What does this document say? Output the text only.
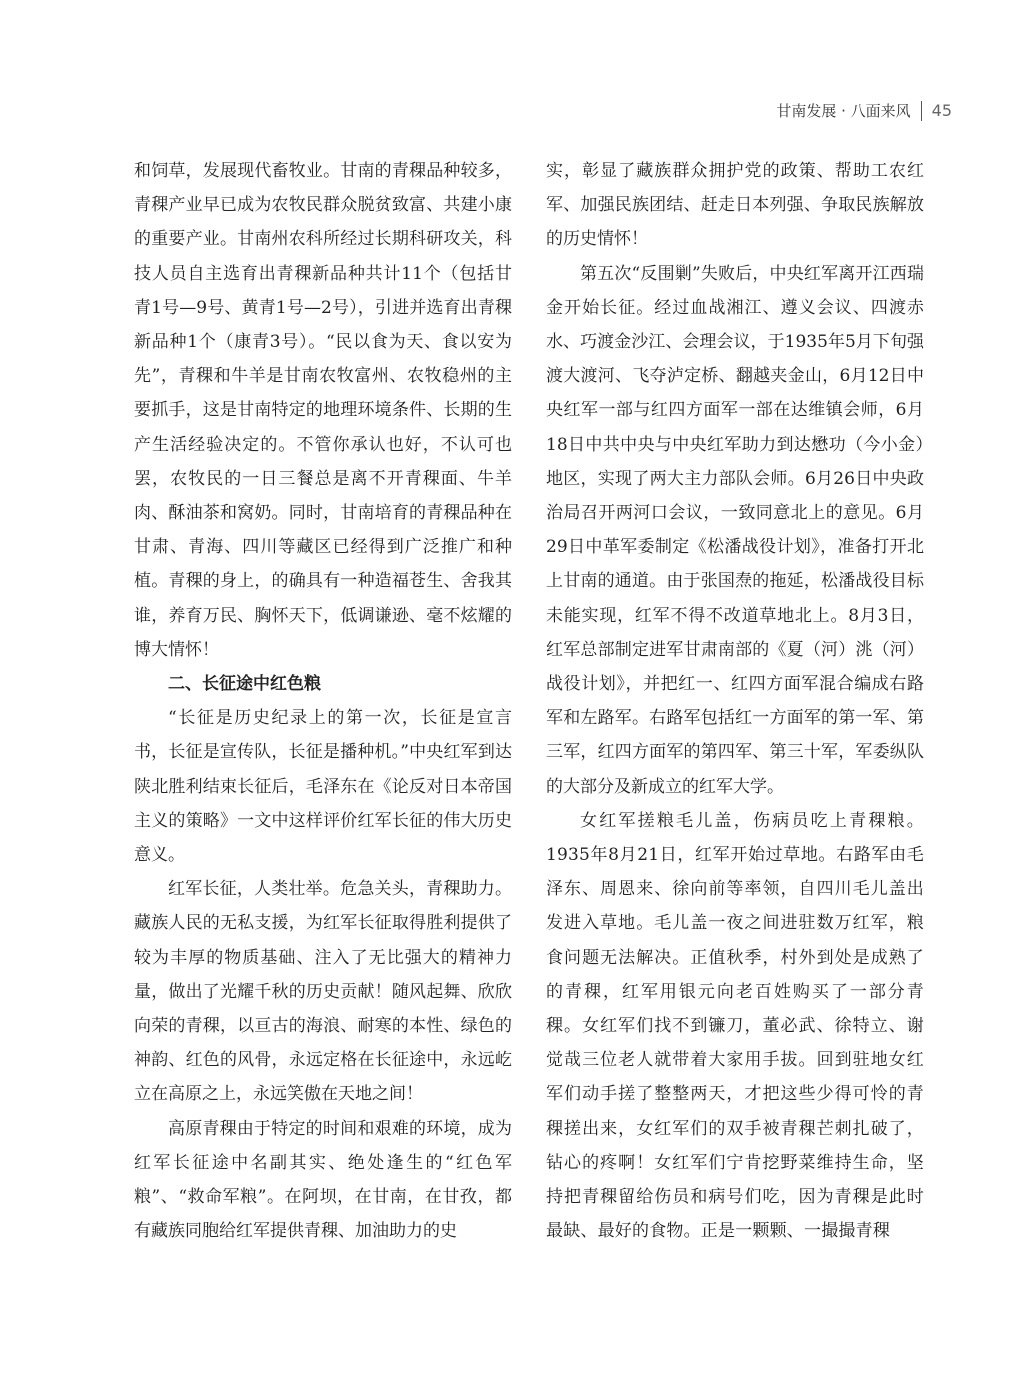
甘南发展 · 八面来风 45

和饲草，发展现代畜牧业。甘南的青稞品种较多，青稞产业早已成为农牧民群众脱贫致富、共建小康的重要产业。甘南州农科所经过长期科研攻关，科技人员自主选育出青稞新品种共计11个（包括甘青1号—9号、黄青1号—2号），引进并选育出青稞新品种1个（康青3号）。“民以食为天、食以安为先”，青稞和牛羊是甘南农牧富州、农牧稳州的主要抓手，这是甘南特定的地理环境条件、长期的生产生活经验决定的。不管你承认也好，不认可也罢，农牧民的一日三餐总是离不开青稞面、牛羊肉、酥油茶和窝奶。同时，甘南培育的青稞品种在甘肃、青海、四川等藏区已经得到广泛推广和种植。青稞的身上，的确具有一种造福苍生、舍我其谁，养育万民、胸怀天下，低调谦逊、毫不炫耀的博大情怀！

二、长征途中红色粮

“长征是历史纪录上的第一次，长征是宣言书，长征是宣传队，长征是播种机。”中央红军到达陕北胜利结束长征后，毛泽东在《论反对日本帝国主义的策略》一文中这样评价红军长征的伟大历史意义。

红军长征，人类壮举。危急关头，青稞助力。藏族人民的无私支援，为红军长征取得胜利提供了较为丰厚的物质基础、注入了无比强大的精神力量，做出了光耀千秋的历史贡献！随风起舞、欣欣向荣的青稞，以亘古的海浪、耐寒的本性、绿色的神韵、红色的风骨，永远定格在长征途中，永远屹立在高原之上，永远笑傲在天地之间！

高原青稞由于特定的时间和艰难的环境，成为红军长征途中名副其实、绝处逢生的“红色军粮”、“救命军粮”。在阿坝，在甘南，在甘孜，都有藏族同胞给红军提供青稞、加油助力的史

实，彰显了藏族群众拥护党的政策、帮助工农红军、加强民族团结、赶走日本列强、争取民族解放的历史情怀！

第五次“反围剿”失败后，中央红军离开江西瑞金开始长征。经过血战湘江、遵义会议、四渡赤水、巧渡金沙江、会理会议，于1935年5月下旬强渡大渡河、飞夺泸定桥、翻越夹金山，6月12日中央红军一部与红四方面军一部在达维镇会师，6月18日中共中央与中央红军助力到达懋功（今小金）地区，实现了两大主力部队会师。6月26日中央政治局召开两河口会议，一致同意北上的意见。6月29日中革军委制定《松潘战役计划》，准备打开北上甘南的通道。由于张国焘的拖延，松潘战役目标未能实现，红军不得不改道草地北上。8月3日，红军总部制定进军甘肃南部的《夏（河）洮（河）战役计划》，并把红一、红四方面军混合编成右路军和左路军。右路军包括红一方面军的第一军、第三军，红四方面军的第四军、第三十军，军委纵队的大部分及新成立的红军大学。

女红军搓粮毛儿盖，伤病员吃上青稞粮。1935年8月21日，红军开始过草地。右路军由毛泽东、周恩来、徐向前等率领，自四川毛儿盖出发进入草地。毛儿盖一夜之间进驻数万红军，粮食问题无法解决。正值秋季，村外到处是成熟了的青稞，红军用银元向老百姓购买了一部分青稞。女红军们找不到镰刀，董必武、徐特立、谢觉哉三位老人就带着大家用手拔。回到驻地女红军们动手搓了整整两天，才把这些少得可怜的青稞搓出来，女红军们的双手被青稞芒刺扎破了，钻心的疼啊！女红军们宁肯挖野菜维持生命，坚持把青稞留给伤员和病号们吃，因为青稞是此时最缺、最好的食物。正是一颗颗、一撮撮青稞
